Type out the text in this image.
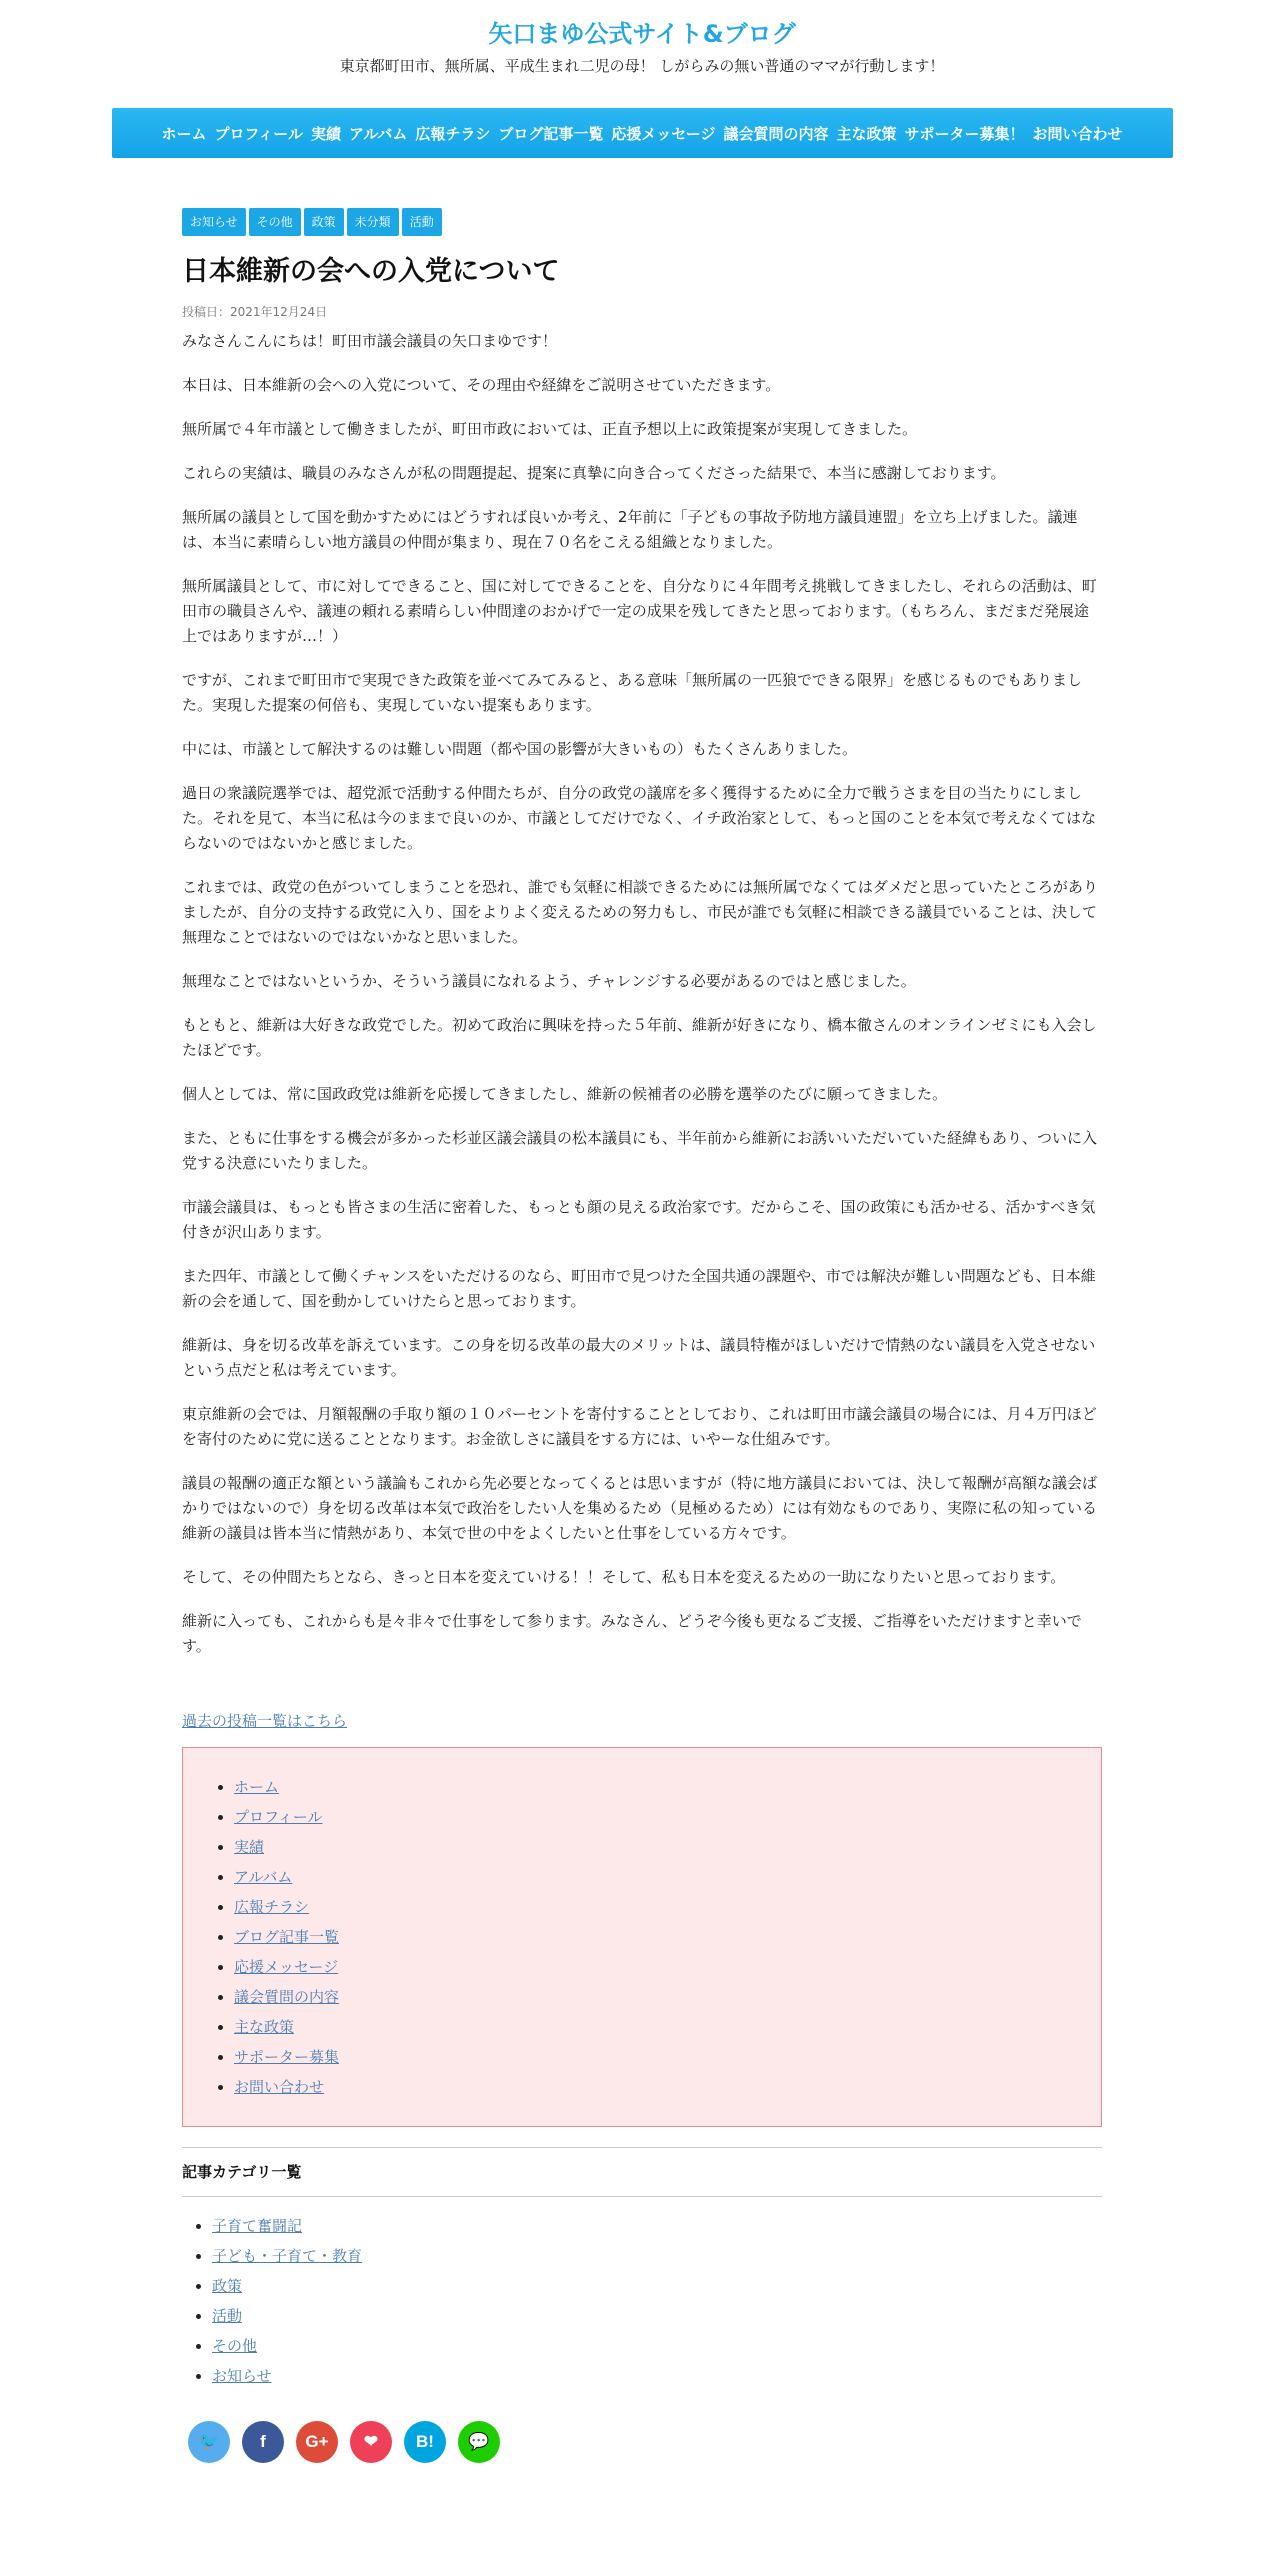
矢口まゆ公式サイト&ブログ
東京都町田市、無所属、平成生まれ二児の母！ しがらみの無い普通のママが行動します！
ホーム プロフィール 実績 アルバム 広報チラシ ブログ記事一覧 応援メッセージ 議会質問の内容 主な政策 サポーター募集！ お問い合わせ
お知らせ	その他	政策	未分類	活動
日本維新の会への入党について
投稿日：2021年12月24日

みなさんこんにちは！町田市議会議員の矢口まゆです！

本日は、日本維新の会への入党について、その理由や経緯をご説明させていただきます。

無所属で４年市議として働きましたが、町田市政においては、正直予想以上に政策提案が実現してきました。

これらの実績は、職員のみなさんが私の問題提起、提案に真摯に向き合ってくださった結果で、本当に感謝しております。

無所属の議員として国を動かすためにはどうすれば良いか考え、2年前に「子どもの事故予防地方議員連盟」を立ち上げました。議連は、本当に素晴らしい地方議員の仲間が集まり、現在７０名をこえる組織となりました。

無所属議員として、市に対してできること、国に対してできることを、自分なりに４年間考え挑戦してきましたし、それらの活動は、町田市の職員さんや、議連の頼れる素晴らしい仲間達のおかげで一定の成果を残してきたと思っております。（もちろん、まだまだ発展途上ではありますが…！）

ですが、これまで町田市で実現できた政策を並べてみてみると、ある意味「無所属の一匹狼でできる限界」を感じるものでもありました。実現した提案の何倍も、実現していない提案もあります。

中には、市議として解決するのは難しい問題（都や国の影響が大きいもの）もたくさんありました。

過日の衆議院選挙では、超党派で活動する仲間たちが、自分の政党の議席を多く獲得するために全力で戦うさまを目の当たりにしました。それを見て、本当に私は今のままで良いのか、市議としてだけでなく、イチ政治家として、もっと国のことを本気で考えなくてはならないのではないかと感じました。

これまでは、政党の色がついてしまうことを恐れ、誰でも気軽に相談できるためには無所属でなくてはダメだと思っていたところがありましたが、自分の支持する政党に入り、国をよりよく変えるための努力もし、市民が誰でも気軽に相談できる議員でいることは、決して無理なことではないのではないかなと思いました。

無理なことではないというか、そういう議員になれるよう、チャレンジする必要があるのではと感じました。

もともと、維新は大好きな政党でした。初めて政治に興味を持った５年前、維新が好きになり、橋本徹さんのオンラインゼミにも入会したほどです。

個人としては、常に国政政党は維新を応援してきましたし、維新の候補者の必勝を選挙のたびに願ってきました。

また、ともに仕事をする機会が多かった杉並区議会議員の松本議員にも、半年前から維新にお誘いいただいていた経緯もあり、ついに入党する決意にいたりました。

市議会議員は、もっとも皆さまの生活に密着した、もっとも顔の見える政治家です。だからこそ、国の政策にも活かせる、活かすべき気付きが沢山あります。

また四年、市議として働くチャンスをいただけるのなら、町田市で見つけた全国共通の課題や、市では解決が難しい問題なども、日本維新の会を通して、国を動かしていけたらと思っております。

維新は、身を切る改革を訴えています。この身を切る改革の最大のメリットは、議員特権がほしいだけで情熱のない議員を入党させないという点だと私は考えています。

東京維新の会では、月額報酬の手取り額の１０パーセントを寄付することとしており、これは町田市議会議員の場合には、月４万円ほどを寄付のために党に送ることとなります。お金欲しさに議員をする方には、いやーな仕組みです。

議員の報酬の適正な額という議論もこれから先必要となってくるとは思いますが（特に地方議員においては、決して報酬が高額な議会ばかりではないので）身を切る改革は本気で政治をしたい人を集めるため（見極めるため）には有効なものであり、実際に私の知っている維新の議員は皆本当に情熱があり、本気で世の中をよくしたいと仕事をしている方々です。

そして、その仲間たちとなら、きっと日本を変えていける！！そして、私も日本を変えるための一助になりたいと思っております。

維新に入っても、これからも是々非々で仕事をして参ります。みなさん、どうぞ今後も更なるご支援、ご指導をいただけますと幸いです。

過去の投稿一覧はこちら
• ホーム
• プロフィール
• 実績
• アルバム
• 広報チラシ
• ブログ記事一覧
• 応援メッセージ
• 議会質問の内容
• 主な政策
• サポーター募集
• お問い合わせ
記事カテゴリ一覧
• 子育て奮闘記
• 子ども・子育て・教育
• 政策
• 活動
• その他
• お知らせ
🐦 f G+ ❤ B! 💬
